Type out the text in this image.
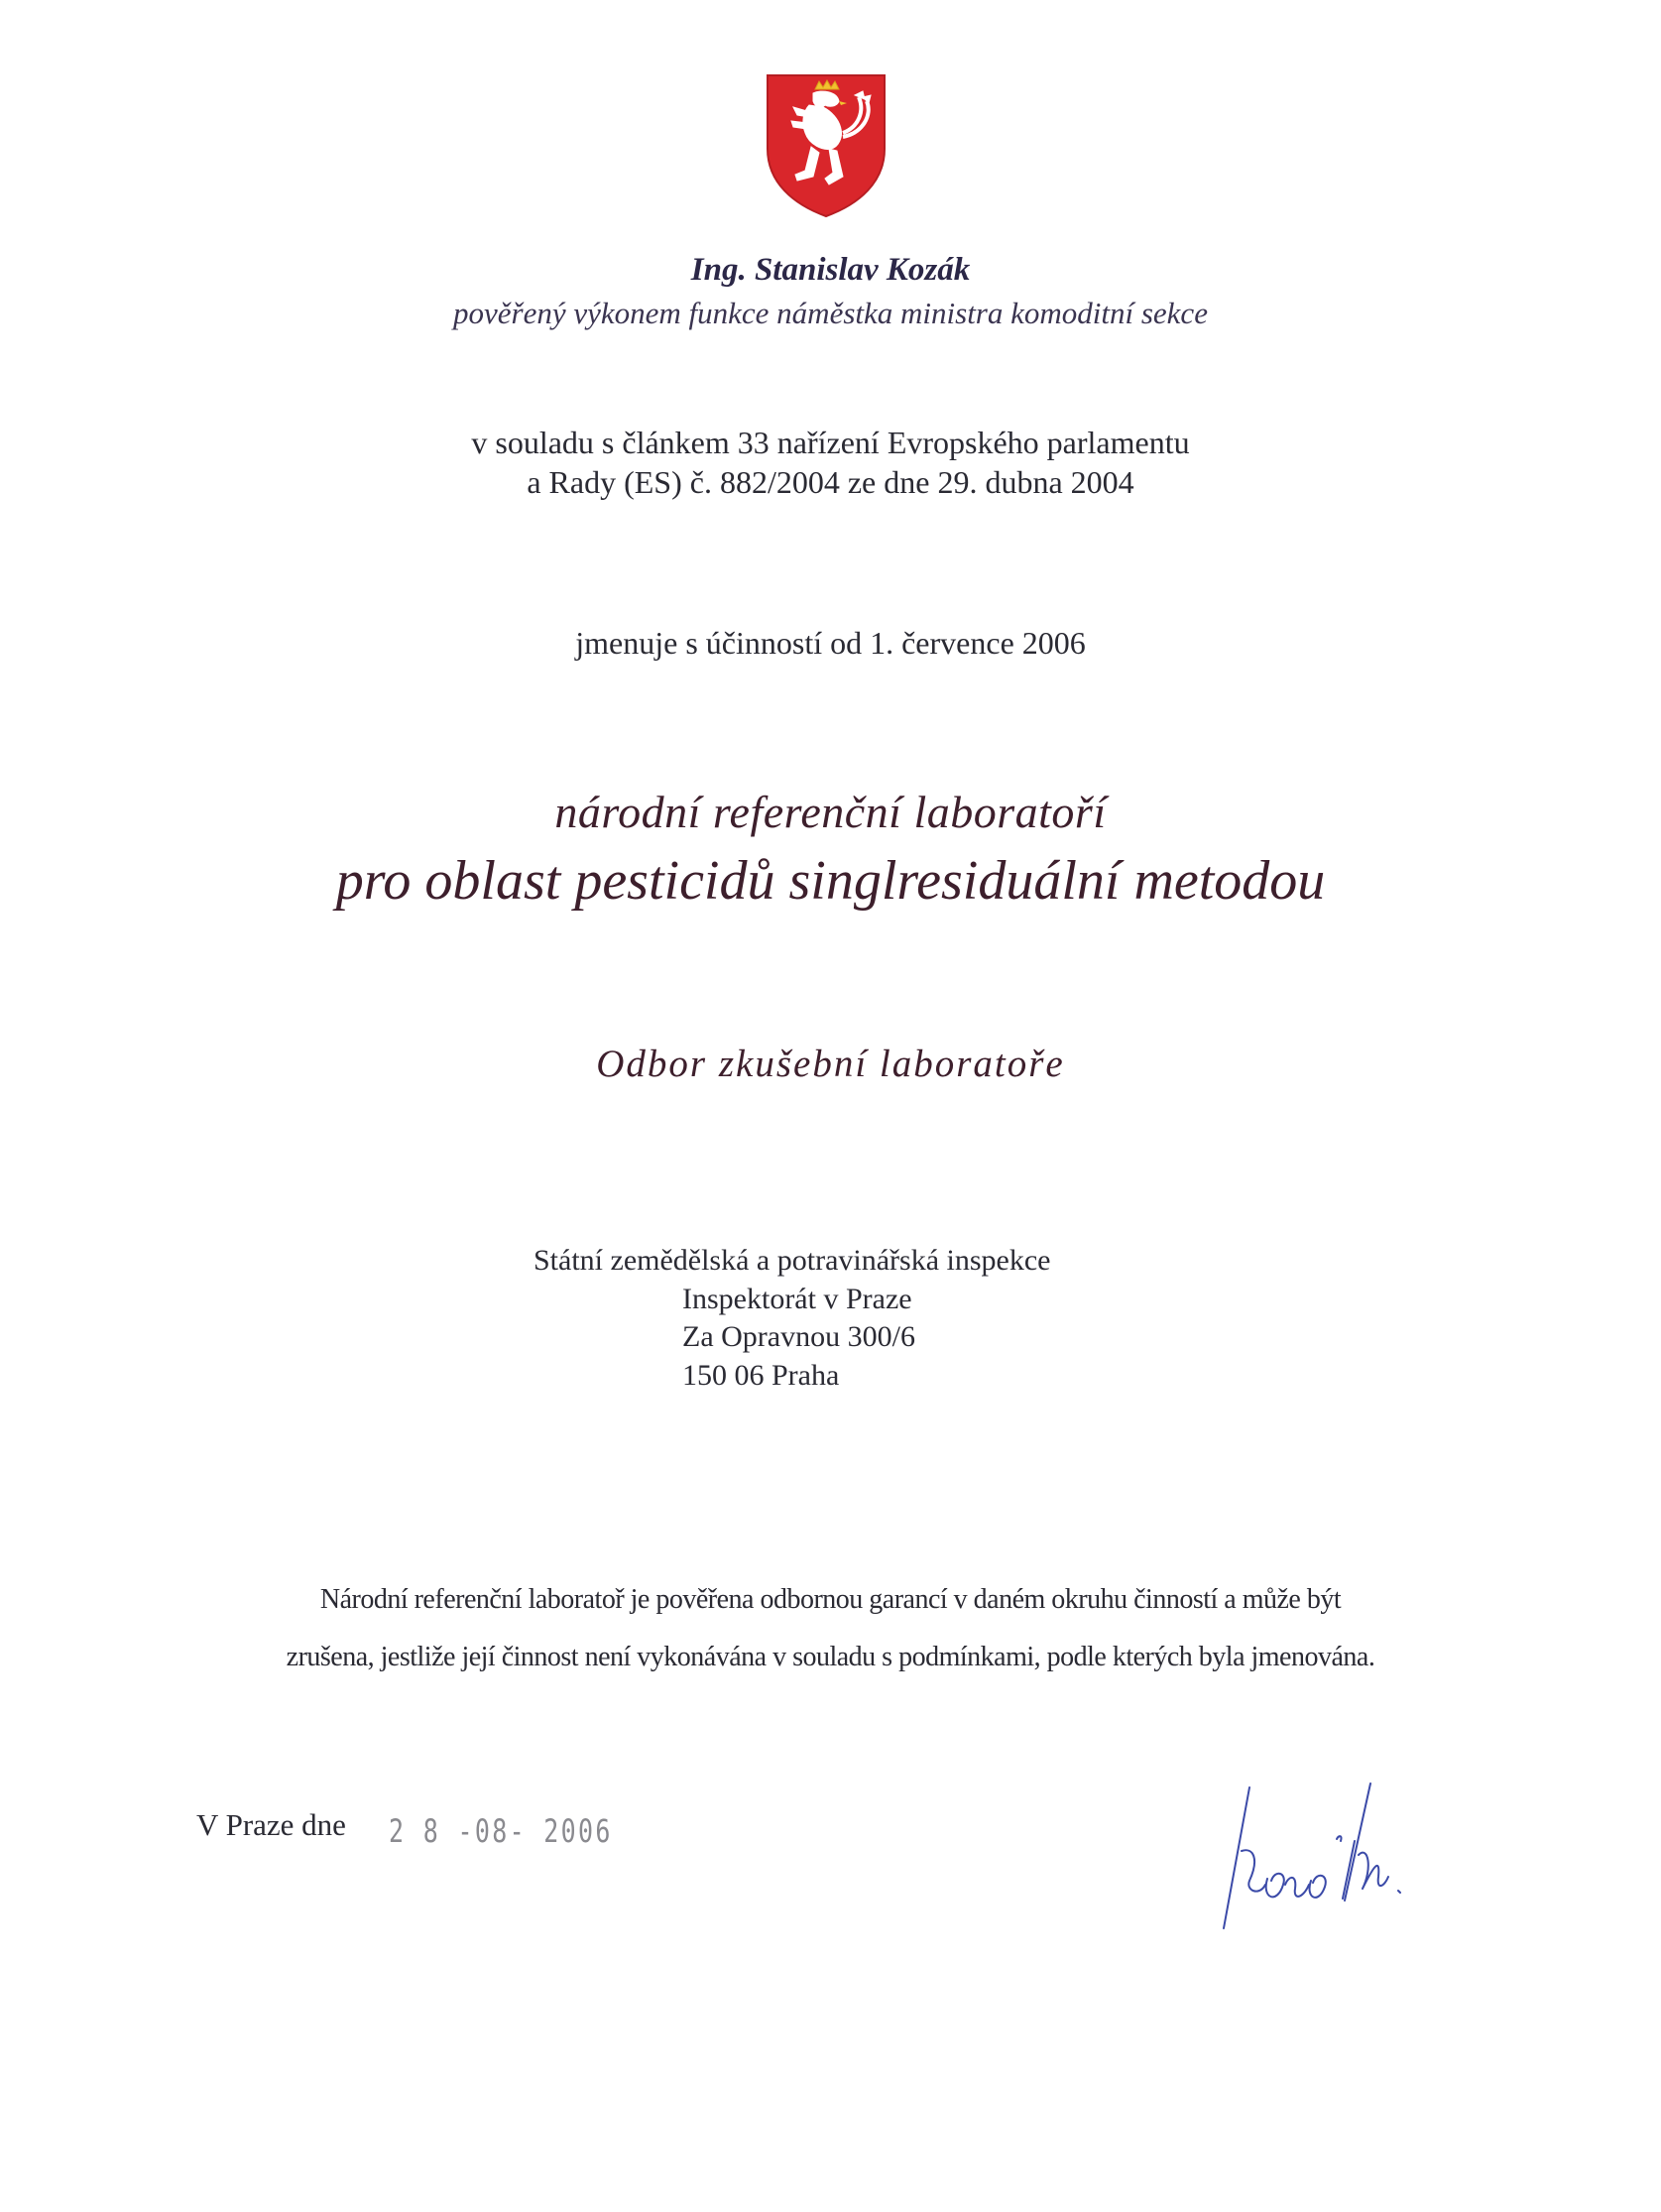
Ing. Stanislav Kozák
pověřený výkonem funkce náměstka ministra komoditní sekce
v souladu s článkem 33 nařízení Evropského parlamentu
a Rady (ES) č. 882/2004 ze dne 29. dubna 2004
jmenuje s účinností od 1. července 2006
národní referenční laboratoří
pro oblast pesticidů singlresiduální metodou
Odbor zkušební laboratoře
Státní zemědělská a potravinářská inspekce
Inspektorát v Praze
Za Opravnou 300/6
150 06 Praha
Národní referenční laboratoř je pověřena odbornou garancí v daném okruhu činností a může být
zrušena, jestliže její činnost není vykonávána v souladu s podmínkami, podle kterých byla jmenována.
V Praze dne 2 8 -08- 2006
